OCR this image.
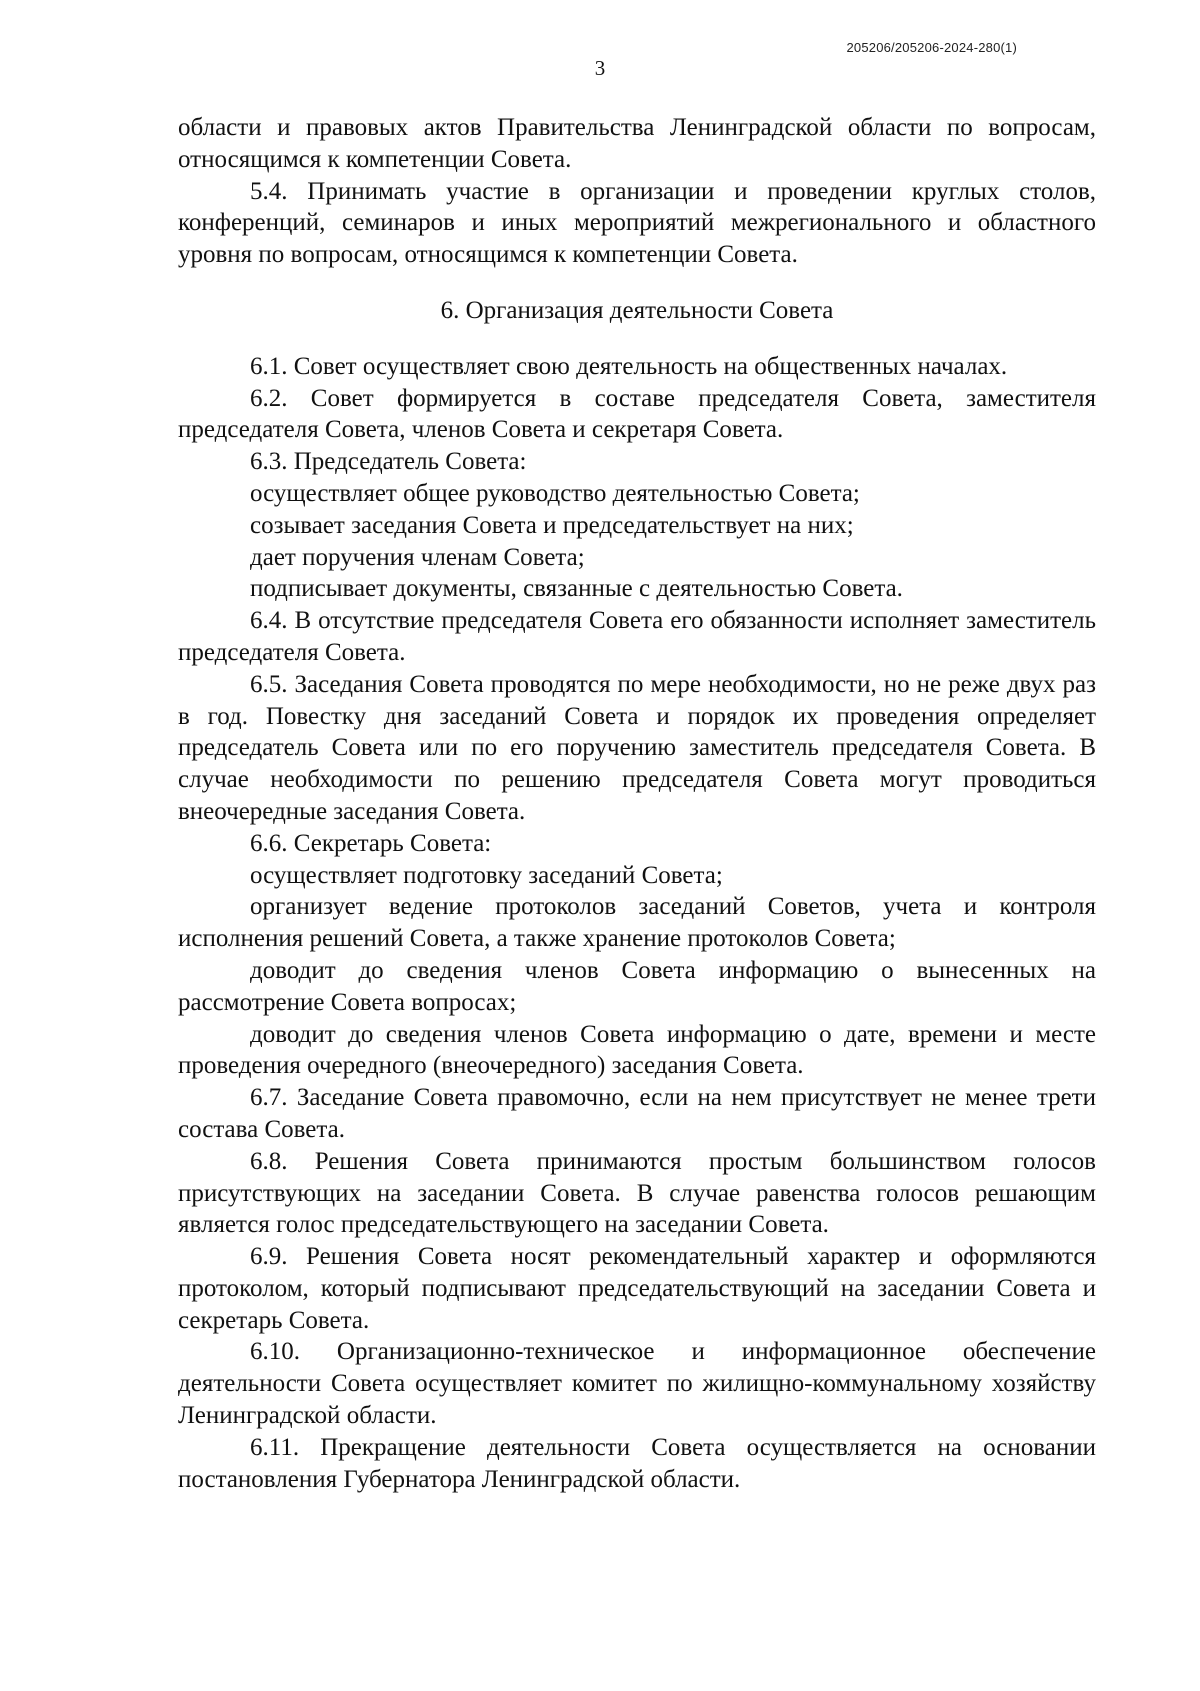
205206/205206-2024-280(1)
3

области и правовых актов Правительства Ленинградской области по вопросам, относящимся к компетенции Совета.

5.4. Принимать участие в организации и проведении круглых столов, конференций, семинаров и иных мероприятий межрегионального и областного уровня по вопросам, относящимся к компетенции Совета.

6. Организация деятельности Совета

6.1. Совет осуществляет свою деятельность на общественных началах.

6.2. Совет формируется в составе председателя Совета, заместителя председателя Совета, членов Совета и секретаря Совета.

6.3. Председатель Совета:

осуществляет общее руководство деятельностью Совета;

созывает заседания Совета и председательствует на них;

дает поручения членам Совета;

подписывает документы, связанные с деятельностью Совета.

6.4. В отсутствие председателя Совета его обязанности исполняет заместитель председателя Совета.

6.5. Заседания Совета проводятся по мере необходимости, но не реже двух раз в год. Повестку дня заседаний Совета и порядок их проведения определяет председатель Совета или по его поручению заместитель председателя Совета. В случае необходимости по решению председателя Совета могут проводиться внеочередные заседания Совета.

6.6. Секретарь Совета:

осуществляет подготовку заседаний Совета;

организует ведение протоколов заседаний Советов, учета и контроля исполнения решений Совета, а также хранение протоколов Совета;

доводит до сведения членов Совета информацию о вынесенных на рассмотрение Совета вопросах;

доводит до сведения членов Совета информацию о дате, времени и месте проведения очередного (внеочередного) заседания Совета.

6.7. Заседание Совета правомочно, если на нем присутствует не менее трети состава Совета.

6.8. Решения Совета принимаются простым большинством голосов присутствующих на заседании Совета. В случае равенства голосов решающим является голос председательствующего на заседании Совета.

6.9. Решения Совета носят рекомендательный характер и оформляются протоколом, который подписывают председательствующий на заседании Совета и секретарь Совета.

6.10. Организационно-техническое и информационное обеспечение деятельности Совета осуществляет комитет по жилищно-коммунальному хозяйству Ленинградской области.

6.11. Прекращение деятельности Совета осуществляется на основании постановления Губернатора Ленинградской области.
